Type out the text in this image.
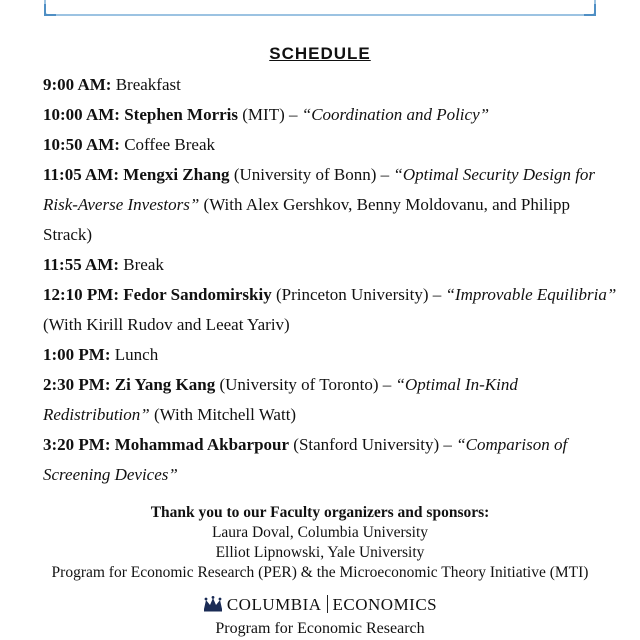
SCHEDULE
9:00 AM: Breakfast
10:00 AM: Stephen Morris (MIT) – “Coordination and Policy”
10:50 AM: Coffee Break
11:05 AM: Mengxi Zhang (University of Bonn) – “Optimal Security Design for Risk-Averse Investors” (With Alex Gershkov, Benny Moldovanu, and Philipp Strack)
11:55 AM: Break
12:10 PM: Fedor Sandomirskiy (Princeton University) – “Improvable Equilibria” (With Kirill Rudov and Leeat Yariv)
1:00 PM: Lunch
2:30 PM: Zi Yang Kang (University of Toronto) – “Optimal In-Kind Redistribution” (With Mitchell Watt)
3:20 PM: Mohammad Akbarpour (Stanford University) – “Comparison of Screening Devices”
Thank you to our Faculty organizers and sponsors:
Laura Doval, Columbia University
Elliot Lipnowski, Yale University
Program for Economic Research (PER) & the Microeconomic Theory Initiative (MTI)
COLUMBIA ECONOMICS
Program for Economic Research
